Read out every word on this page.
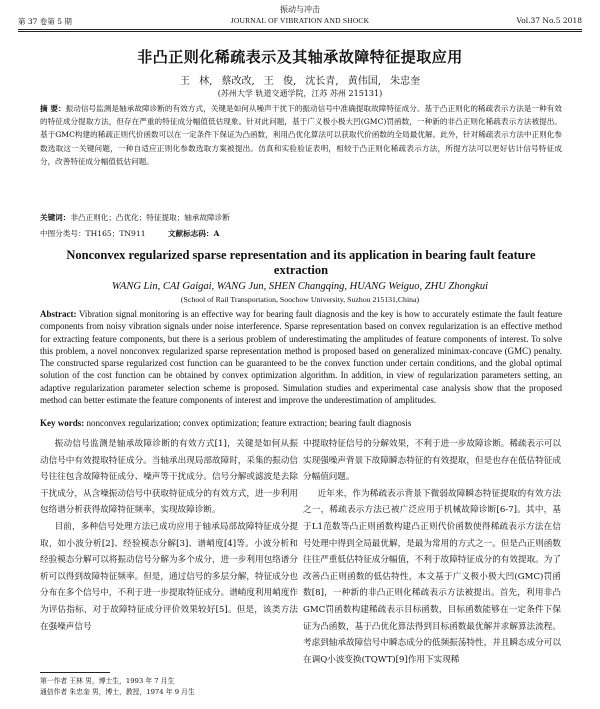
振动与冲击
第 37 卷第 5 期	JOURNAL OF VIBRATION AND SHOCK	Vol.37 No.5 2018
非凸正则化稀疏表示及其轴承故障特征提取应用
王 林, 蔡改改, 王 俊, 沈长青, 黄伟国, 朱忠奎
(苏州大学 轨道交通学院，江苏 苏州 215131)
摘 要：振动信号监测是轴承故障诊断的有效方式，关键是如何从噪声干扰下的振动信号中准确提取故障特征成分。基于凸正则化的稀疏表示方法是一种有效的特征成分提取方法，但存在严重的特征成分幅值低估现象。针对此问题，基于广义极小极大凹(GMC)罚函数，一种新的非凸正则化稀疏表示方法被提出。基于GMC构建的稀疏正则代价函数可以在一定条件下保证为凸函数，利用凸优化算法可以获取代价函数的全局最优解。此外，针对稀疏表示方法中正则化参数选取这一关键问题，一种自适应正则化参数选取方案被提出。仿真和实验验证表明，相较于凸正则化稀疏表示方法，所提方法可以更好估计信号特征成分，改善特征成分幅值低估问题。
关键词：非凸正则化；凸优化；特征提取；轴承故障诊断
中图分类号：TH165；TN911	文献标志码：A
Nonconvex regularized sparse representation and its application in bearing fault feature extraction
WANG Lin, CAI Gaigai, WANG Jun, SHEN Changqing, HUANG Weiguo, ZHU Zhongkui
(School of Rail Transportation, Soochow University, Suzhou 215131,China)
Abstract: Vibration signal monitoring is an effective way for bearing fault diagnosis and the key is how to accurately estimate the fault feature components from noisy vibration signals under noise interference. Sparse representation based on convex regularization is an effective method for extracting feature components, but there is a serious problem of underestimating the amplitudes of feature components of interest. To solve this problem, a novel nonconvex regularized sparse representation method is proposed based on generalized minimax-concave (GMC) penalty. The constructed sparse regularized cost function can be guaranteed to be the convex function under certain conditions, and the global optimal solution of the cost function can be obtained by convex optimization algorithm. In addition, in view of regularization parameters setting, an adaptive regularization parameter selection scheme is proposed. Simulation studies and experimental case analysis show that the proposed method can better estimate the feature components of interest and improve the underestimation of amplitudes.
Key words: nonconvex regularization; convex optimization; feature extraction; bearing fault diagnosis

振动信号监测是轴承故障诊断的有效方式[1]，关键是如何从振动信号中有效提取特征成分。当轴承出现局部故障时，采集的振动信号往往包含故障特征成分、噪声等干扰成分。信号分解或滤波是去除干扰成分，从含噪振动信号中获取特征成分的有效方式，进一步利用包络谱分析获得故障特征频率，实现故障诊断。

目前，多种信号处理方法已成功应用于轴承局部故障特征成分提取，如小波分析[2]、经验模态分解[3]、谱峭度[4]等。小波分析和经验模态分解可以将振动信号分解为多个成分，进一步利用包络谱分析可以得到故障特征频率。但是，通过信号的多层分解，特征成分也分布在多个信号中，不利于进一步提取特征成分。谱峭度利用峭度作为评估指标，对于故障特征成分评价效果较好[5]。但是，该类方法在强噪声信号

中提取特征信号的分解效果，不利于进一步故障诊断。稀疏表示可以实现强噪声背景下故障瞬态特征的有效提取，但是也存在低估特征成分幅值问题。

近年来，作为稀疏表示背景下微弱故障瞬态特征提取的有效方法之一，稀疏表示方法已被广泛应用于机械故障诊断[6-7]。其中，基于L1范数等凸正则函数构建凸正则代价函数使得稀疏表示方法在信号处理中得到全局最优解，是最为常用的方式之一。但是凸正则函数往往严重低估特征成分幅值，不利于故障特征成分的有效提取。为了改善凸正则函数的低估特性，本文基于广义极小极大凹(GMC)罚函数[8]，一种新的非凸正则化稀疏表示方法被提出。首先，利用非凸GMC罚函数构建稀疏表示目标函数，目标函数能够在一定条件下保证为凸函数，基于凸优化算法得到目标函数最优解并求解算法流程。考虑到轴承故障信号中瞬态成分的低频振荡特性，并且瞬态成分可以在调Q小波变换(TQWT)[9]作用下实现稀

第一作者 王林 男，博士生，1993 年 7 月生
通信作者 朱忠奎 男，博士，教授，1974 年 9 月生
